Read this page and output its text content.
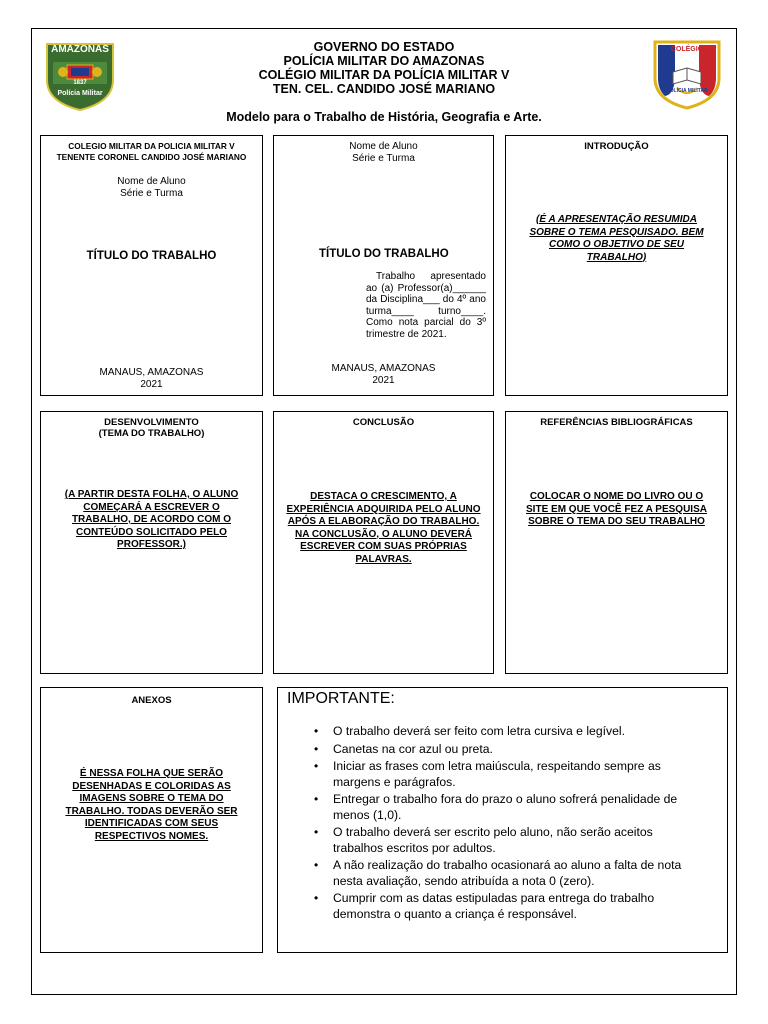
AMAZONAS
1837
Polícia Militar
COLÉGIO
POLÍCIA MILITAR
GOVERNO DO ESTADO
POLÍCIA MILITAR DO AMAZONAS
COLÉGIO MILITAR DA POLÍCIA MILITAR V
TEN. CEL. CANDIDO JOSÉ MARIANO
Modelo para o Trabalho de História, Geografia e Arte.
COLEGIO MILITAR DA POLICIA MILITAR V
TENENTE CORONEL CANDIDO JOSÉ MARIANO
Nome de Aluno
Série e Turma
TÍTULO DO TRABALHO
MANAUS, AMAZONAS
2021
Nome de Aluno
Série e Turma
TÍTULO DO TRABALHO
Trabalho apresentado ao (a) Professor(a)______ da Disciplina___ do 4º ano turma____ turno____. Como nota parcial do 3º trimestre de 2021.
MANAUS, AMAZONAS
2021
INTRODUÇÃO
(É A APRESENTAÇÃO RESUMIDA SOBRE O TEMA PESQUISADO. BEM COMO O OBJETIVO DE SEU TRABALHO)
DESENVOLVIMENTO
(TEMA DO TRABALHO)
(A PARTIR DESTA FOLHA, O ALUNO COMEÇARÁ A ESCREVER O TRABALHO, DE ACORDO COM O CONTEÚDO SOLICITADO PELO PROFESSOR.)
CONCLUSÃO
DESTACA O CRESCIMENTO, A EXPERIÊNCIA ADQUIRIDA PELO ALUNO APÓS A ELABORAÇÃO DO TRABALHO. NA CONCLUSÃO, O ALUNO DEVERÁ ESCREVER COM SUAS PRÓPRIAS PALAVRAS.
REFERÊNCIAS BIBLIOGRÁFICAS
COLOCAR O NOME DO LIVRO OU O SITE EM QUE VOCÊ FEZ A PESQUISA SOBRE O TEMA DO SEU TRABALHO
ANEXOS
É NESSA FOLHA QUE SERÃO DESENHADAS E COLORIDAS AS IMAGENS SOBRE O TEMA DO TRABALHO. TODAS DEVERÃO SER IDENTIFICADAS COM SEUS RESPECTIVOS NOMES.
IMPORTANTE:
• O trabalho deverá ser feito com letra cursiva e legível.
• Canetas na cor azul ou preta.
• Iniciar as frases com letra maiúscula, respeitando sempre as margens e parágrafos.
• Entregar o trabalho fora do prazo o aluno sofrerá penalidade de menos (1,0).
• O trabalho deverá ser escrito pelo aluno, não serão aceitos trabalhos escritos por adultos.
• A não realização do trabalho ocasionará ao aluno a falta de nota nesta avaliação, sendo atribuída a nota 0 (zero).
• Cumprir com as datas estipuladas para entrega do trabalho demonstra o quanto a criança é responsável.
